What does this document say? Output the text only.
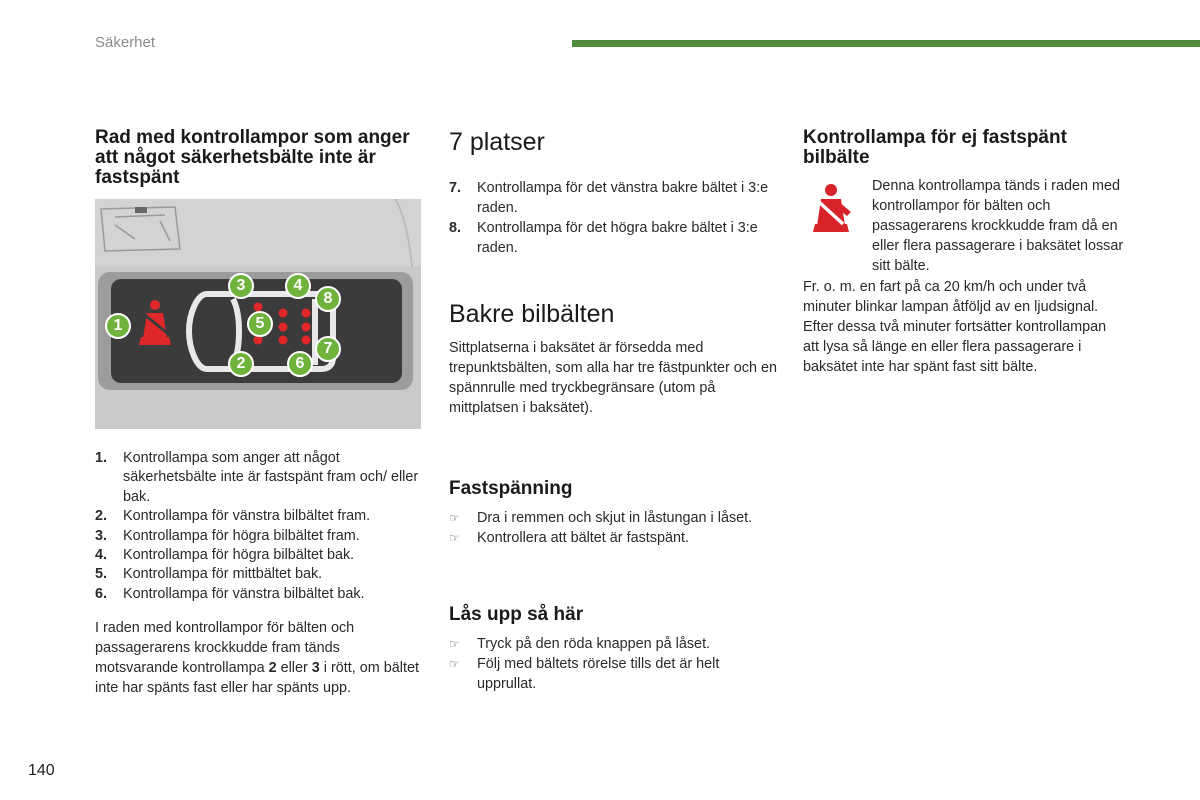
Säkerhet
Rad med kontrollampor som anger att något säkerhetsbälte inte är fastspänt
1
2
3	4
5
6
7
8
1. Kontrollampa som anger att något säkerhetsbälte inte är fastspänt fram och/ eller bak.
2. Kontrollampa för vänstra bilbältet fram.
3. Kontrollampa för högra bilbältet fram.
4. Kontrollampa för högra bilbältet bak.
5. Kontrollampa för mittbältet bak.
6. Kontrollampa för vänstra bilbältet bak.

I raden med kontrollampor för bälten och passagerarens krockkudde fram tänds motsvarande kontrollampa 2 eller 3 i rött, om bältet inte har spänts fast eller har spänts upp.

7 platser
7. Kontrollampa för det vänstra bakre bältet i 3:e raden.
8. Kontrollampa för det högra bakre bältet i 3:e raden.
Bakre bilbälten

Sittplatserna i baksätet är försedda med trepunktsbälten, som alla har tre fästpunkter och en spännrulle med tryckbegränsare (utom på mittplatsen i baksätet).

Fastspänning
☞ Dra i remmen och skjut in låstungan i låset.
☞ Kontrollera att bältet är fastspänt.
Lås upp så här
☞ Tryck på den röda knappen på låset.
☞ Följ med bältets rörelse tills det är helt upprullat.
Kontrollampa för ej fastspänt bilbälte

Denna kontrollampa tänds i raden med kontrollampor för bälten och passagerarens krockkudde fram då en eller flera passagerare i baksätet lossar sitt bälte.

Fr. o. m. en fart på ca 20 km/h och under två minuter blinkar lampan åtföljd av en ljudsignal. Efter dessa två minuter fortsätter kontrollampan att lysa så länge en eller flera passagerare i baksätet inte har spänt fast sitt bälte.

140
